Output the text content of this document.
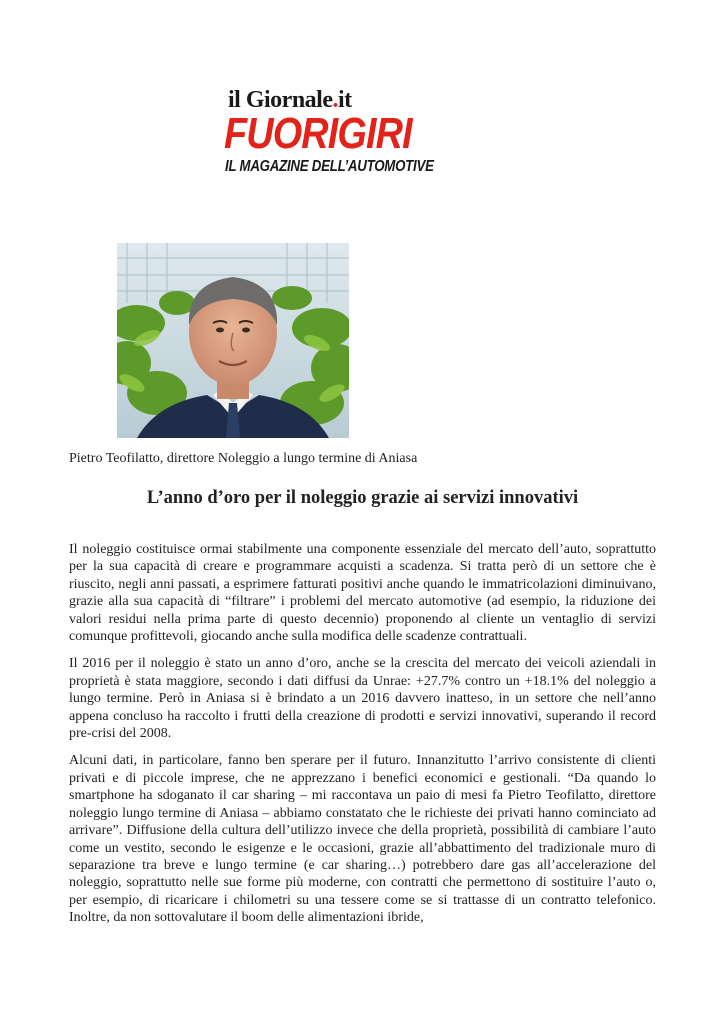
il Giornale.it
FUORIGIRI
IL MAGAZINE DELL’AUTOMOTIVE
Pietro Teofilatto, direttore Noleggio a lungo termine di Aniasa
L’anno d’oro per il noleggio grazie ai servizi innovativi

Il noleggio costituisce ormai stabilmente una componente essenziale del mercato dell’auto, soprattutto per la sua capacità di creare e programmare acquisti a scadenza. Si tratta però di un settore che è riuscito, negli anni passati, a esprimere fatturati positivi anche quando le immatricolazioni diminuivano, grazie alla sua capacità di “filtrare” i problemi del mercato automotive (ad esempio, la riduzione dei valori residui nella prima parte di questo decennio) proponendo al cliente un ventaglio di servizi comunque profittevoli, giocando anche sulla modifica delle scadenze contrattuali.

Il 2016 per il noleggio è stato un anno d’oro, anche se la crescita del mercato dei veicoli aziendali in proprietà è stata maggiore, secondo i dati diffusi da Unrae: +27.7% contro un +18.1% del noleggio a lungo termine. Però in Aniasa si è brindato a un 2016 davvero inatteso, in un settore che nell’anno appena concluso ha raccolto i frutti della creazione di prodotti e servizi innovativi, superando il record pre-crisi del 2008.

Alcuni dati, in particolare, fanno ben sperare per il futuro. Innanzitutto l’arrivo consistente di clienti privati e di piccole imprese, che ne apprezzano i benefici economici e gestionali. “Da quando lo smartphone ha sdoganato il car sharing – mi raccontava un paio di mesi fa Pietro Teofilatto, direttore noleggio lungo termine di Aniasa – abbiamo constatato che le richieste dei privati hanno cominciato ad arrivare”. Diffusione della cultura dell’utilizzo invece che della proprietà, possibilità di cambiare l’auto come un vestito, secondo le esigenze e le occasioni, grazie all’abbattimento del tradizionale muro di separazione tra breve e lungo termine (e car sharing…) potrebbero dare gas all’accelerazione del noleggio, soprattutto nelle sue forme più moderne, con contratti che permettono di sostituire l’auto o, per esempio, di ricaricare i chilometri su una tessere come se si trattasse di un contratto telefonico. Inoltre, da non sottovalutare il boom delle alimentazioni ibride,
